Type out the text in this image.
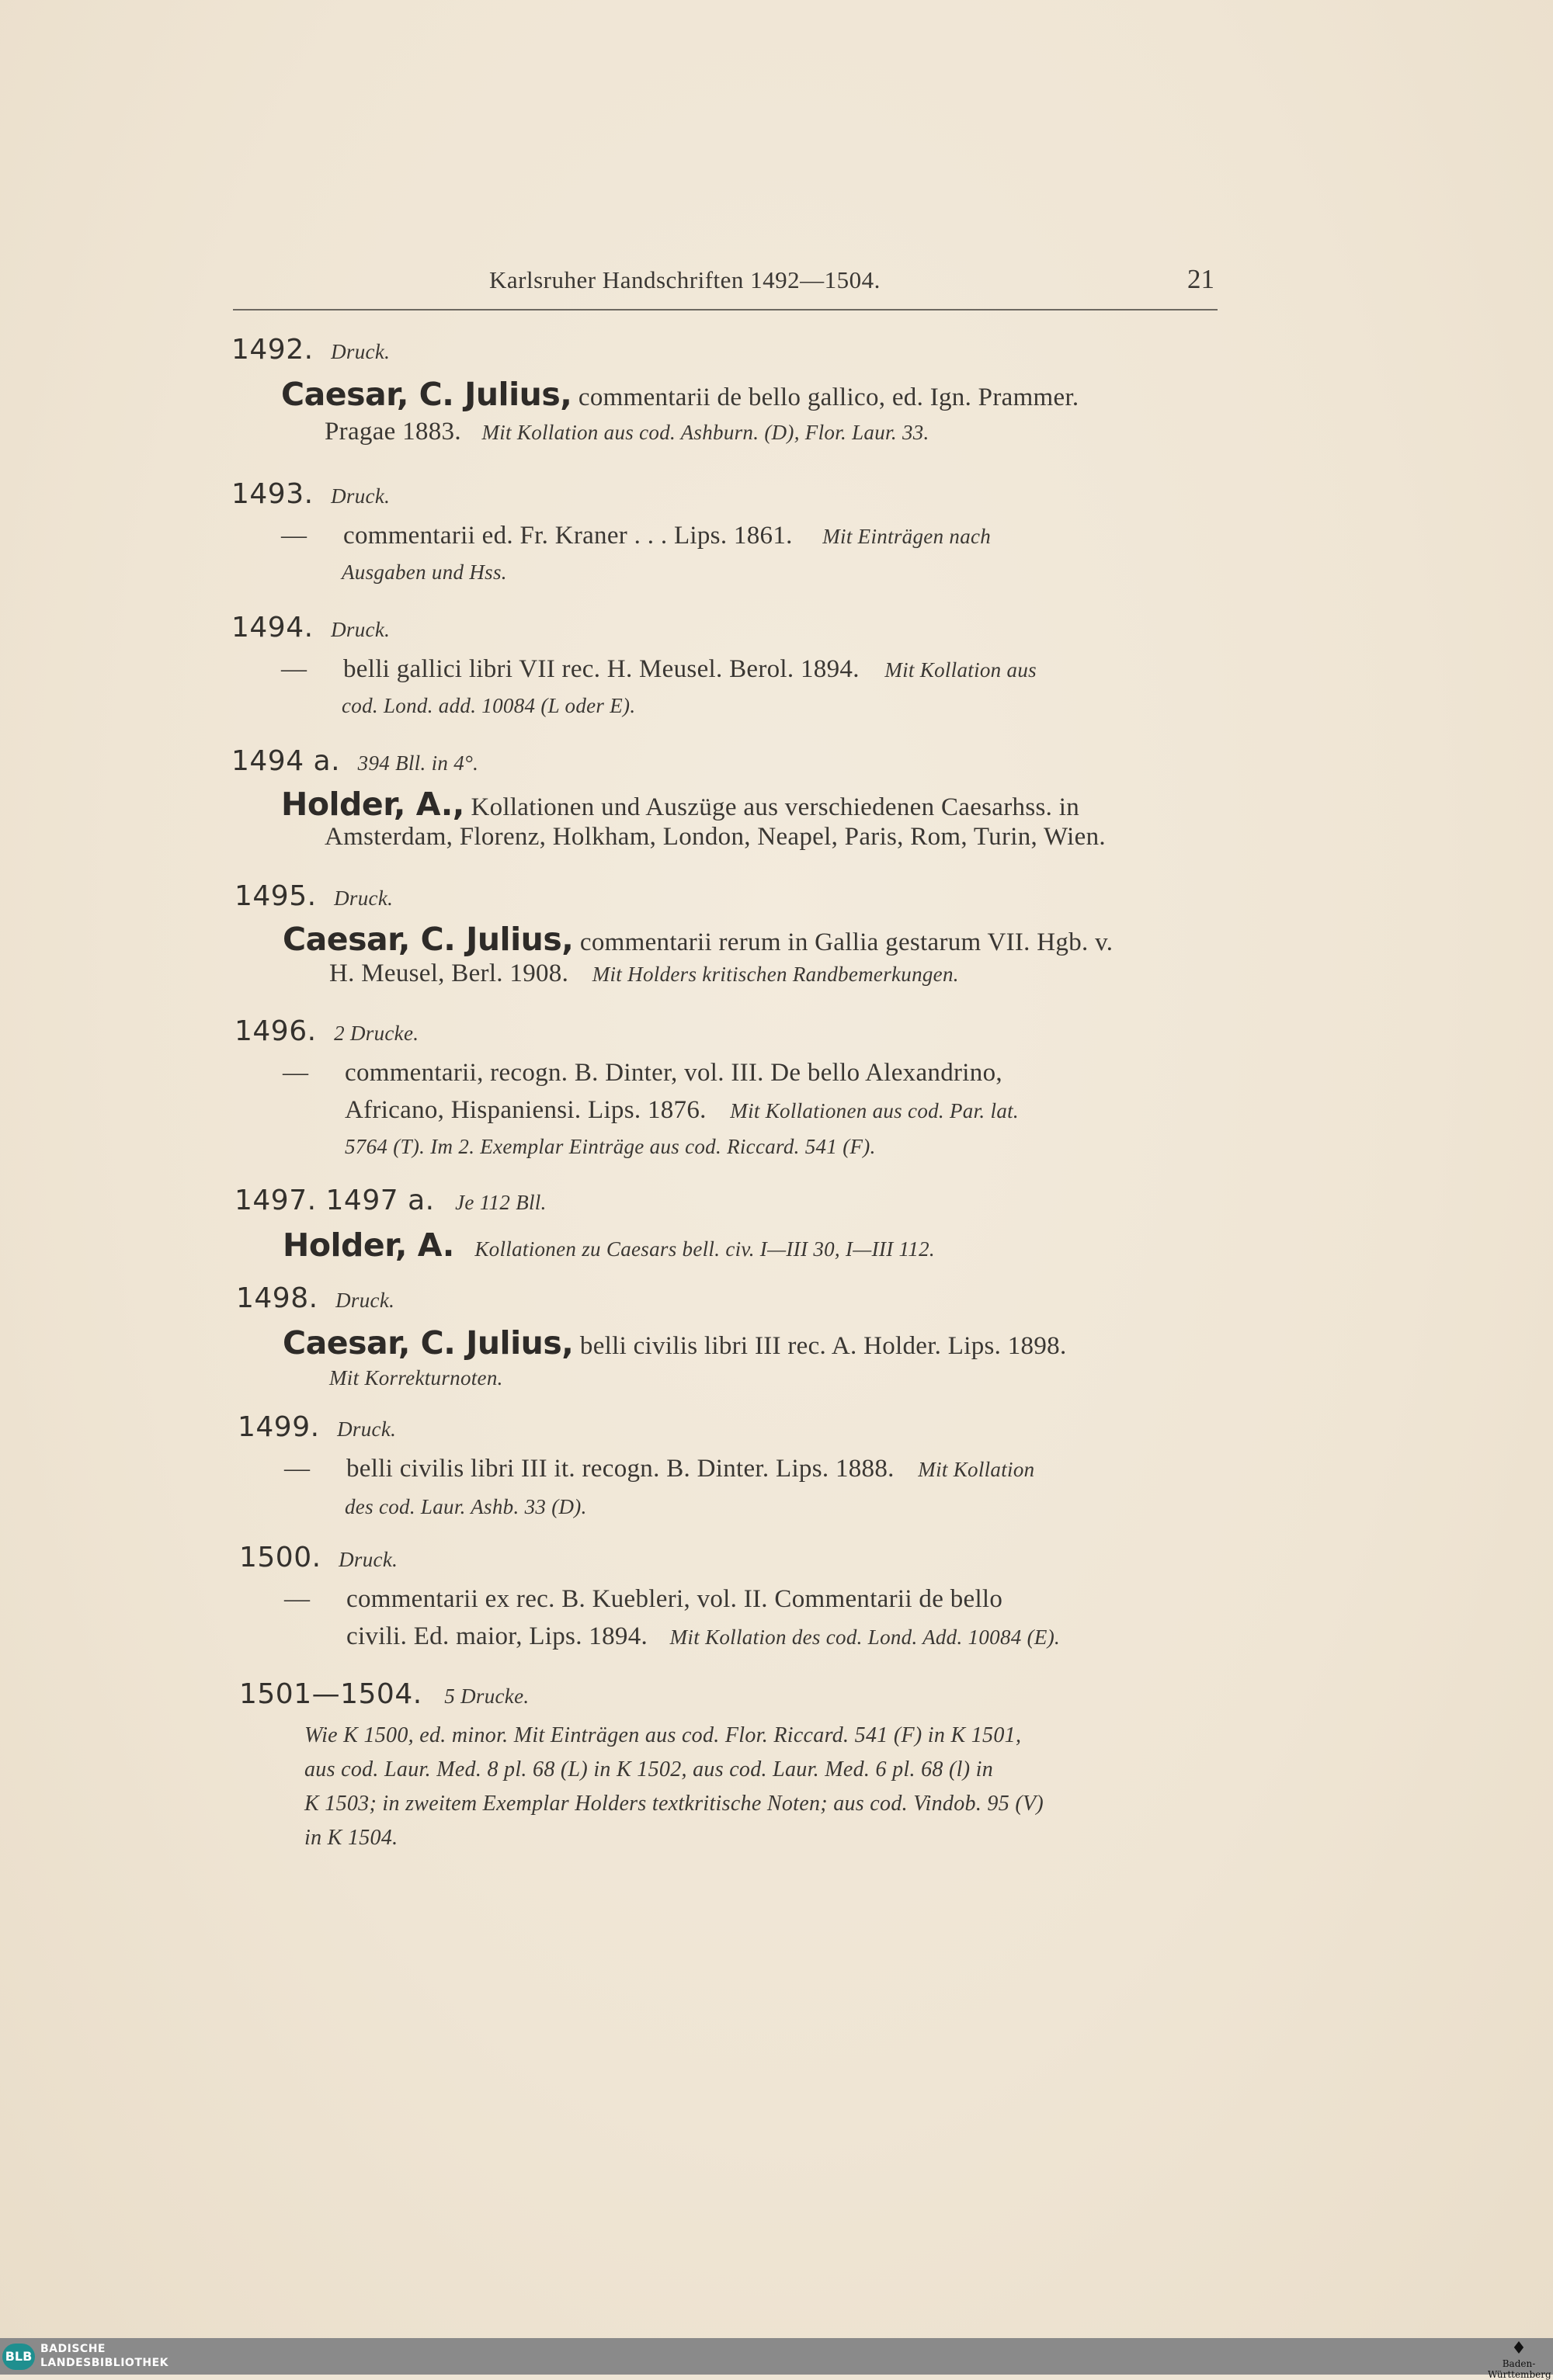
Karlsruher Handschriften 1492—1504.	21
1492. Druck.
Caesar, C. Julius, commentarii de bello gallico, ed. Ign. Prammer.
Pragae 1883. Mit Kollation aus cod. Ashburn. (D), Flor. Laur. 33.
1493. Druck.
— commentarii ed. Fr. Kraner . . . Lips. 1861. Mit Einträgen nach
Ausgaben und Hss.
1494. Druck.
— belli gallici libri VII rec. H. Meusel. Berol. 1894. Mit Kollation aus
cod. Lond. add. 10084 (L oder E).
1494 a. 394 Bll. in 4°.
Holder, A., Kollationen und Auszüge aus verschiedenen Caesarhss. in
Amsterdam, Florenz, Holkham, London, Neapel, Paris, Rom, Turin, Wien.
1495. Druck.
Caesar, C. Julius, commentarii rerum in Gallia gestarum VII. Hgb. v.
H. Meusel, Berl. 1908. Mit Holders kritischen Randbemerkungen.
1496. 2 Drucke.
— commentarii, recogn. B. Dinter, vol. III. De bello Alexandrino,
Africano, Hispaniensi. Lips. 1876. Mit Kollationen aus cod. Par. lat.
5764 (T). Im 2. Exemplar Einträge aus cod. Riccard. 541 (F).
1497. 1497 a. Je 112 Bll.
Holder, A. Kollationen zu Caesars bell. civ. I—III 30, I—III 112.
1498. Druck.
Caesar, C. Julius, belli civilis libri III rec. A. Holder. Lips. 1898.
Mit Korrekturnoten.
1499. Druck.
— belli civilis libri III it. recogn. B. Dinter. Lips. 1888. Mit Kollation
des cod. Laur. Ashb. 33 (D).
1500. Druck.
— commentarii ex rec. B. Kuebleri, vol. II. Commentarii de bello
civili. Ed. maior, Lips. 1894. Mit Kollation des cod. Lond. Add. 10084 (E).
1501—1504. 5 Drucke.
Wie K 1500, ed. minor. Mit Einträgen aus cod. Flor. Riccard. 541 (F) in K 1501,
aus cod. Laur. Med. 8 pl. 68 (L) in K 1502, aus cod. Laur. Med. 6 pl. 68 (l) in
K 1503; in zweitem Exemplar Holders textkritische Noten; aus cod. Vindob. 95 (V)
in K 1504.
BLB BADISCHE
LANDESBIBLIOTHEK
♦
Baden-Württemberg
